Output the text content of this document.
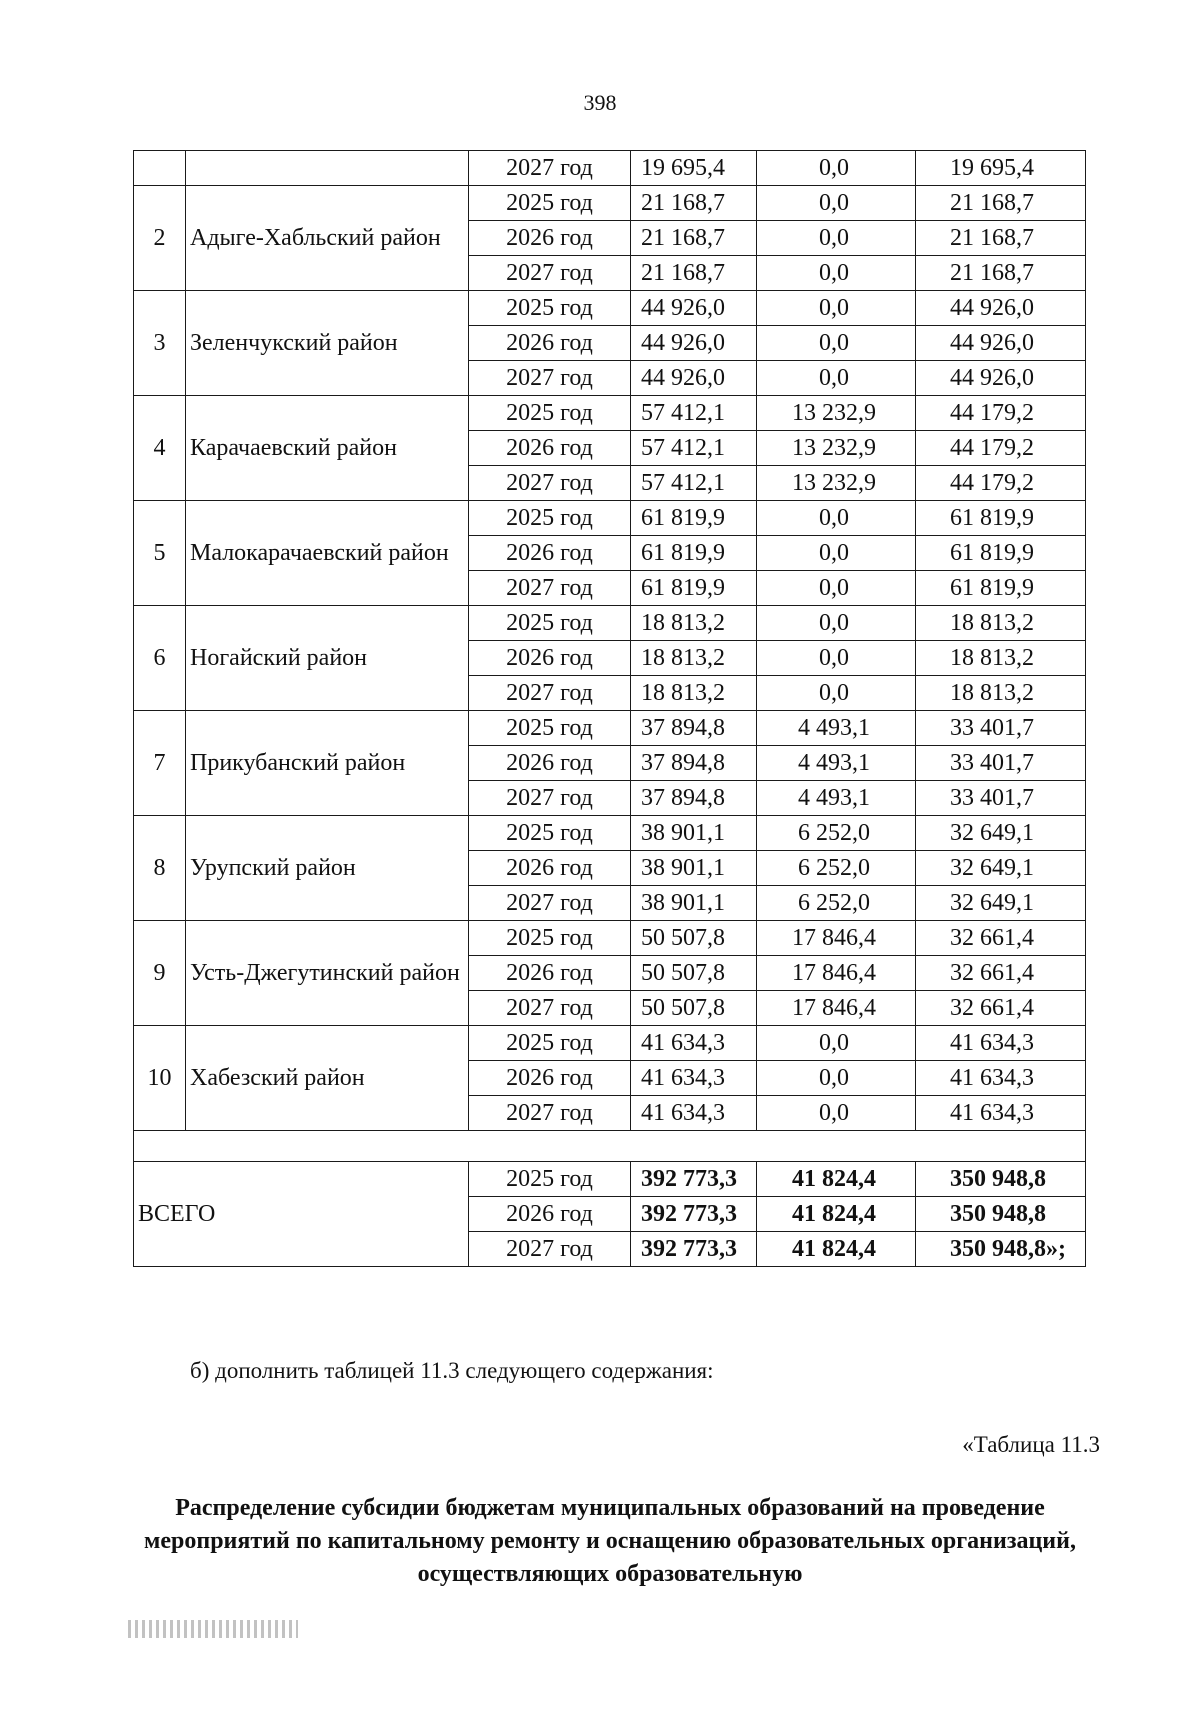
398
		2027 год	19 695,4	0,0	19 695,4
2	Адыге-Хабльский район	2025 год	21 168,7	0,0	21 168,7
		2026 год	21 168,7	0,0	21 168,7
		2027 год	21 168,7	0,0	21 168,7
3	Зеленчукский район	2025 год	44 926,0	0,0	44 926,0
		2026 год	44 926,0	0,0	44 926,0
		2027 год	44 926,0	0,0	44 926,0
4	Карачаевский район	2025 год	57 412,1	13 232,9	44 179,2
		2026 год	57 412,1	13 232,9	44 179,2
		2027 год	57 412,1	13 232,9	44 179,2
5	Малокарачаевский район	2025 год	61 819,9	0,0	61 819,9
		2026 год	61 819,9	0,0	61 819,9
		2027 год	61 819,9	0,0	61 819,9
6	Ногайский район	2025 год	18 813,2	0,0	18 813,2
		2026 год	18 813,2	0,0	18 813,2
		2027 год	18 813,2	0,0	18 813,2
7	Прикубанский район	2025 год	37 894,8	4 493,1	33 401,7
		2026 год	37 894,8	4 493,1	33 401,7
		2027 год	37 894,8	4 493,1	33 401,7
8	Урупский район	2025 год	38 901,1	6 252,0	32 649,1
		2026 год	38 901,1	6 252,0	32 649,1
		2027 год	38 901,1	6 252,0	32 649,1
9	Усть-Джегутинский район	2025 год	50 507,8	17 846,4	32 661,4
		2026 год	50 507,8	17 846,4	32 661,4
		2027 год	50 507,8	17 846,4	32 661,4
10	Хабезский район	2025 год	41 634,3	0,0	41 634,3
		2026 год	41 634,3	0,0	41 634,3
		2027 год	41 634,3	0,0	41 634,3

ВСЕГО		2025 год	392 773,3	41 824,4	350 948,8
		2026 год	392 773,3	41 824,4	350 948,8
		2027 год	392 773,3	41 824,4	350 948,8»;
б) дополнить таблицей 11.3 следующего содержания:
«Таблица 11.3
Распределение субсидии бюджетам муниципальных образований на проведение мероприятий по капитальному ремонту и оснащению образовательных организаций, осуществляющих образовательную
